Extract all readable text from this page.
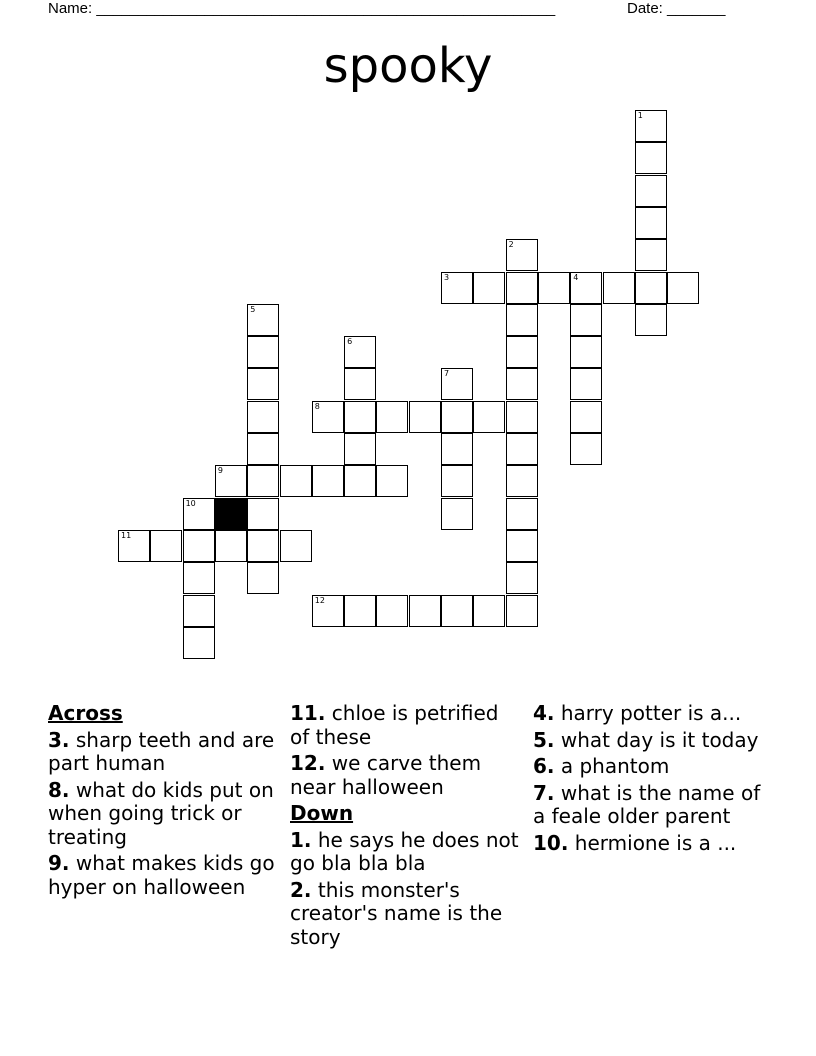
Name: _______________________________________________________	Date: _______
spooky
1
2
3	4
5
6
7
8
9
10
11
12
Across
3. sharp teeth and are part human
8. what do kids put on when going trick or treating
9. what makes kids go hyper on halloween
11. chloe is petrified of these
12. we carve them near halloween
Down
1. he says he does not go bla bla bla
2. this monster's creator's name is the story
4. harry potter is a...
5. what day is it today
6. a phantom
7. what is the name of a feale older parent
10. hermione is a ...
